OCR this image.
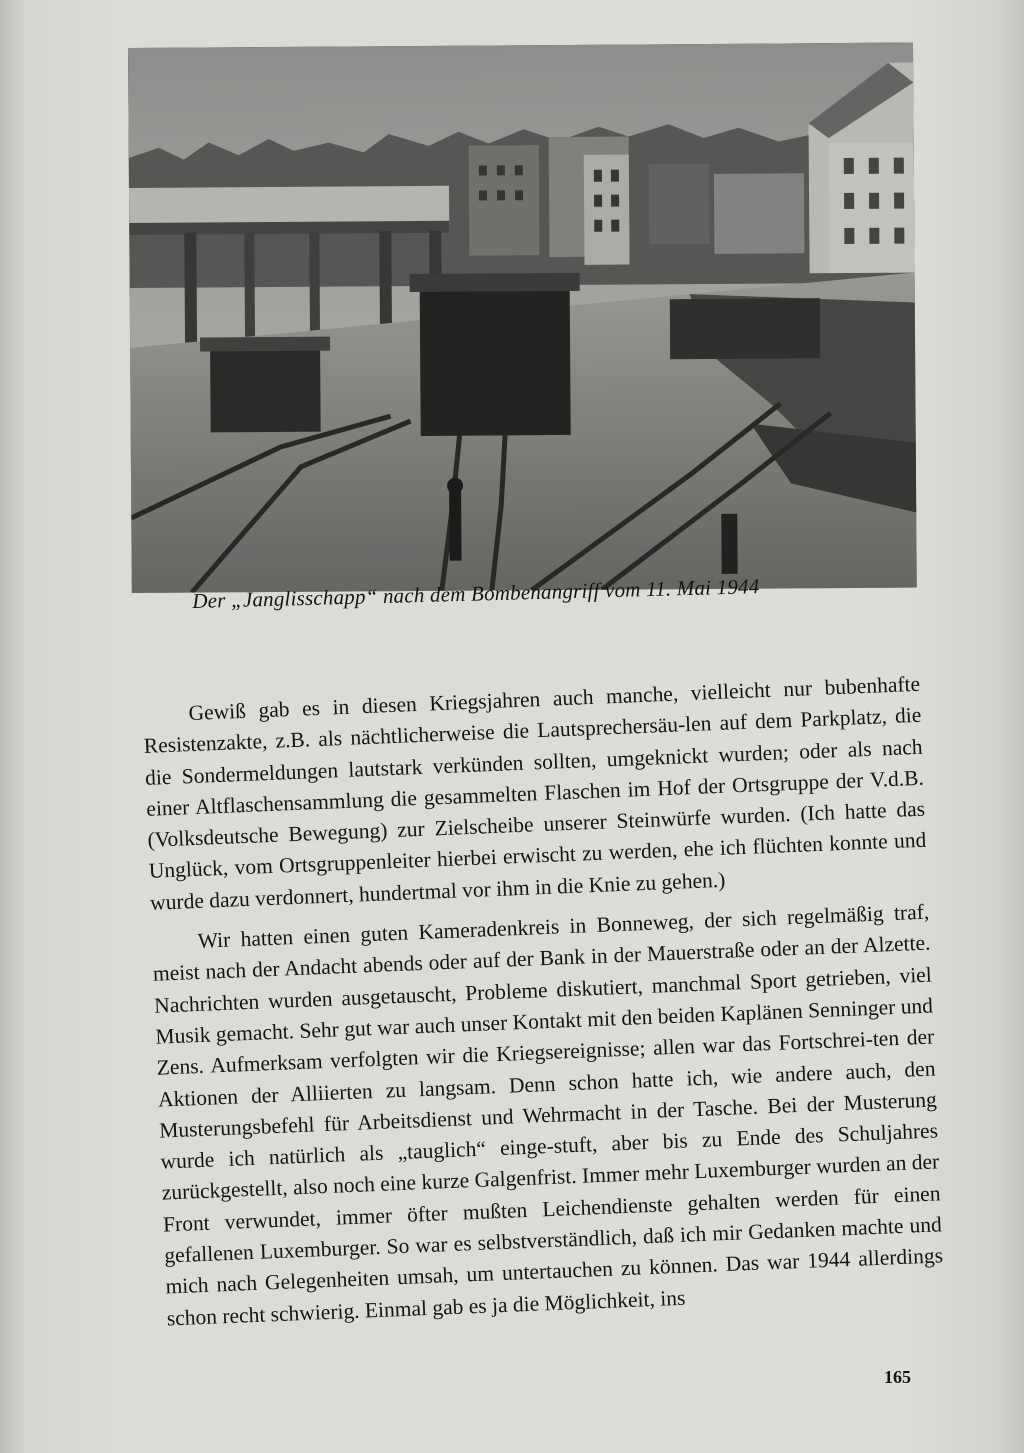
Der „Janglisschapp“ nach dem Bombenangriff vom 11. Mai 1944

Gewiß gab es in diesen Kriegsjahren auch manche, vielleicht nur bubenhafte Resistenzakte, z.B. als nächtlicherweise die Lautsprechersäu-len auf dem Parkplatz, die die Sondermeldungen lautstark verkünden sollten, umgeknickt wurden; oder als nach einer Altflaschensammlung die gesammelten Flaschen im Hof der Ortsgruppe der V.d.B. (Volksdeutsche Bewegung) zur Zielscheibe unserer Steinwürfe wurden. (Ich hatte das Unglück, vom Ortsgruppenleiter hierbei erwischt zu werden, ehe ich flüchten konnte und wurde dazu verdonnert, hundertmal vor ihm in die Knie zu gehen.)

Wir hatten einen guten Kameradenkreis in Bonneweg, der sich regelmäßig traf, meist nach der Andacht abends oder auf der Bank in der Mauerstraße oder an der Alzette. Nachrichten wurden ausgetauscht, Probleme diskutiert, manchmal Sport getrieben, viel Musik gemacht. Sehr gut war auch unser Kontakt mit den beiden Kaplänen Senninger und Zens. Aufmerksam verfolgten wir die Kriegsereignisse; allen war das Fortschrei-ten der Aktionen der Alliierten zu langsam. Denn schon hatte ich, wie andere auch, den Musterungsbefehl für Arbeitsdienst und Wehrmacht in der Tasche. Bei der Musterung wurde ich natürlich als „tauglich“ einge-stuft, aber bis zu Ende des Schuljahres zurückgestellt, also noch eine kurze Galgenfrist. Immer mehr Luxemburger wurden an der Front verwundet, immer öfter mußten Leichendienste gehalten werden für einen gefallenen Luxemburger. So war es selbstverständlich, daß ich mir Gedanken machte und mich nach Gelegenheiten umsah, um untertauchen zu können. Das war 1944 allerdings schon recht schwierig. Einmal gab es ja die Möglichkeit, ins

165
